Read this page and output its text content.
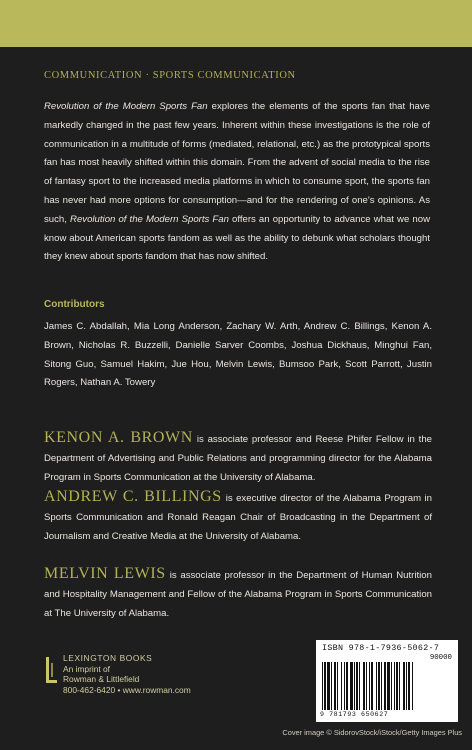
COMMUNICATION · SPORTS COMMUNICATION

Revolution of the Modern Sports Fan explores the elements of the sports fan that have markedly changed in the past few years. Inherent within these investigations is the role of communication in a multitude of forms (mediated, relational, etc.) as the prototypical sports fan has most heavily shifted within this domain. From the advent of social media to the rise of fantasy sport to the increased media platforms in which to consume sport, the sports fan has never had more options for consumption—and for the rendering of one's opinions. As such, Revolution of the Modern Sports Fan offers an opportunity to advance what we now know about American sports fandom as well as the ability to debunk what scholars thought they knew about sports fandom that has now shifted.

Contributors

James C. Abdallah, Mia Long Anderson, Zachary W. Arth, Andrew C. Billings, Kenon A. Brown, Nicholas R. Buzzelli, Danielle Sarver Coombs, Joshua Dickhaus, Minghui Fan, Sitong Guo, Samuel Hakim, Jue Hou, Melvin Lewis, Bumsoo Park, Scott Parrott, Justin Rogers, Nathan A. Towery

KENON A. BROWN is associate professor and Reese Phifer Fellow in the Department of Advertising and Public Relations and programming director for the Alabama Program in Sports Communication at the University of Alabama.

ANDREW C. BILLINGS is executive director of the Alabama Program in Sports Communication and Ronald Reagan Chair of Broadcasting in the Department of Journalism and Creative Media at the University of Alabama.

MELVIN LEWIS is associate professor in the Department of Human Nutrition and Hospitality Management and Fellow of the Alabama Program in Sports Communication at The University of Alabama.

LEXINGTON BOOKS
An imprint of
Rowman & Littlefield
800-462-6420 • www.rowman.com
ISBN 978-1-7936-5062-7
90000
9 781793 650627
Cover image © SidorovStock/iStock/Getty Images Plus
